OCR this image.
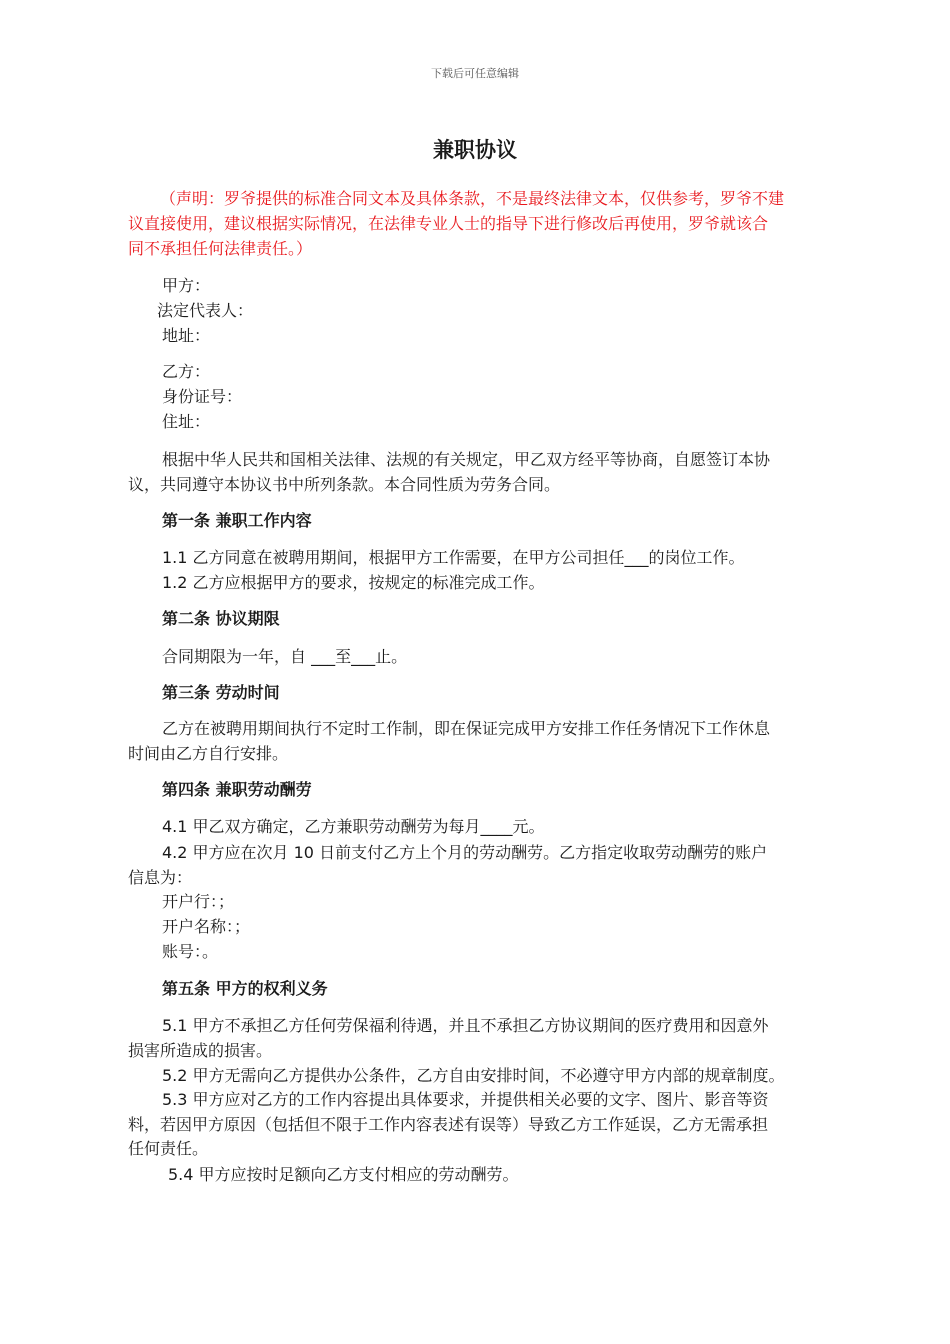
下载后可任意编辑
兼职协议
（声明：罗爷提供的标准合同文本及具体条款，不是最终法律文本，仅供参考，罗爷不建
议直接使用，建议根据实际情况，在法律专业人士的指导下进行修改后再使用，罗爷就该合
同不承担任何法律责任。）
甲方：
法定代表人：
地址：
乙方：
身份证号：
住址：
根据中华人民共和国相关法律、法规的有关规定，甲乙双方经平等协商，自愿签订本协
议，共同遵守本协议书中所列条款。本合同性质为劳务合同。
第一条 兼职工作内容
1.1 乙方同意在被聘用期间，根据甲方工作需要，在甲方公司担任___的岗位工作。
1.2 乙方应根据甲方的要求，按规定的标准完成工作。
第二条 协议期限
合同期限为一年，自 ___至___止。
第三条 劳动时间
乙方在被聘用期间执行不定时工作制，即在保证完成甲方安排工作任务情况下工作休息
时间由乙方自行安排。
第四条 兼职劳动酬劳
4.1 甲乙双方确定，乙方兼职劳动酬劳为每月____元。
4.2 甲方应在次月 10 日前支付乙方上个月的劳动酬劳。乙方指定收取劳动酬劳的账户
信息为：
开户行：；
开户名称：；
账号：。
第五条 甲方的权利义务
5.1 甲方不承担乙方任何劳保福利待遇，并且不承担乙方协议期间的医疗费用和因意外
损害所造成的损害。
5.2 甲方无需向乙方提供办公条件，乙方自由安排时间，不必遵守甲方内部的规章制度。
5.3 甲方应对乙方的工作内容提出具体要求，并提供相关必要的文字、图片、影音等资
料，若因甲方原因（包括但不限于工作内容表述有误等）导致乙方工作延误，乙方无需承担
任何责任。
5.4 甲方应按时足额向乙方支付相应的劳动酬劳。
